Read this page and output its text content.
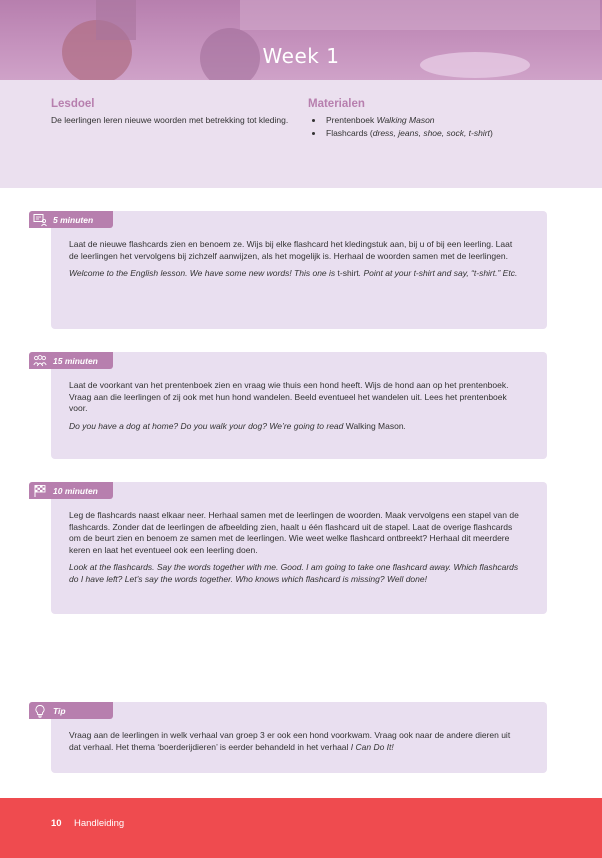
Week 1
Lesdoel

De leerlingen leren nieuwe woorden met betrekking tot kleding.

Materialen
• Prentenboek Walking Mason
• Flashcards (dress, jeans, shoe, sock, t-shirt)

Laat de nieuwe flashcards zien en benoem ze. Wijs bij elke flashcard het kledingstuk aan, bij u of bij een leerling. Laat de leerlingen het vervolgens bij zichzelf aanwijzen, als het mogelijk is. Herhaal de woorden samen met de leerlingen.

Welcome to the English lesson. We have some new words! This one is t-shirt. Point at your t-shirt and say, “t-shirt.” Etc.

5 minuten

Laat de voorkant van het prentenboek zien en vraag wie thuis een hond heeft. Wijs de hond aan op het prentenboek. Vraag aan die leerlingen of zij ook met hun hond wandelen. Beeld eventueel het wandelen uit. Lees het prentenboek voor.

Do you have a dog at home? Do you walk your dog? We’re going to read Walking Mason.

15 minuten

Leg de flashcards naast elkaar neer. Herhaal samen met de leerlingen de woorden. Maak vervolgens een stapel van de flashcards. Zonder dat de leerlingen de afbeelding zien, haalt u één flashcard uit de stapel. Laat de overige flashcards om de beurt zien en benoem ze samen met de leerlingen. Wie weet welke flashcard ontbreekt? Herhaal dit meerdere keren en laat het eventueel ook een leerling doen.

Look at the flashcards. Say the words together with me. Good. I am going to take one flashcard away. Which flashcards do I have left? Let’s say the words together. Who knows which flashcard is missing? Well done!

10 minuten

Vraag aan de leerlingen in welk verhaal van groep 3 er ook een hond voorkwam. Vraag ook naar de andere dieren uit dat verhaal. Het thema ‘boerderijdieren’ is eerder behandeld in het verhaal I Can Do It!

Tip
10 Handleiding
